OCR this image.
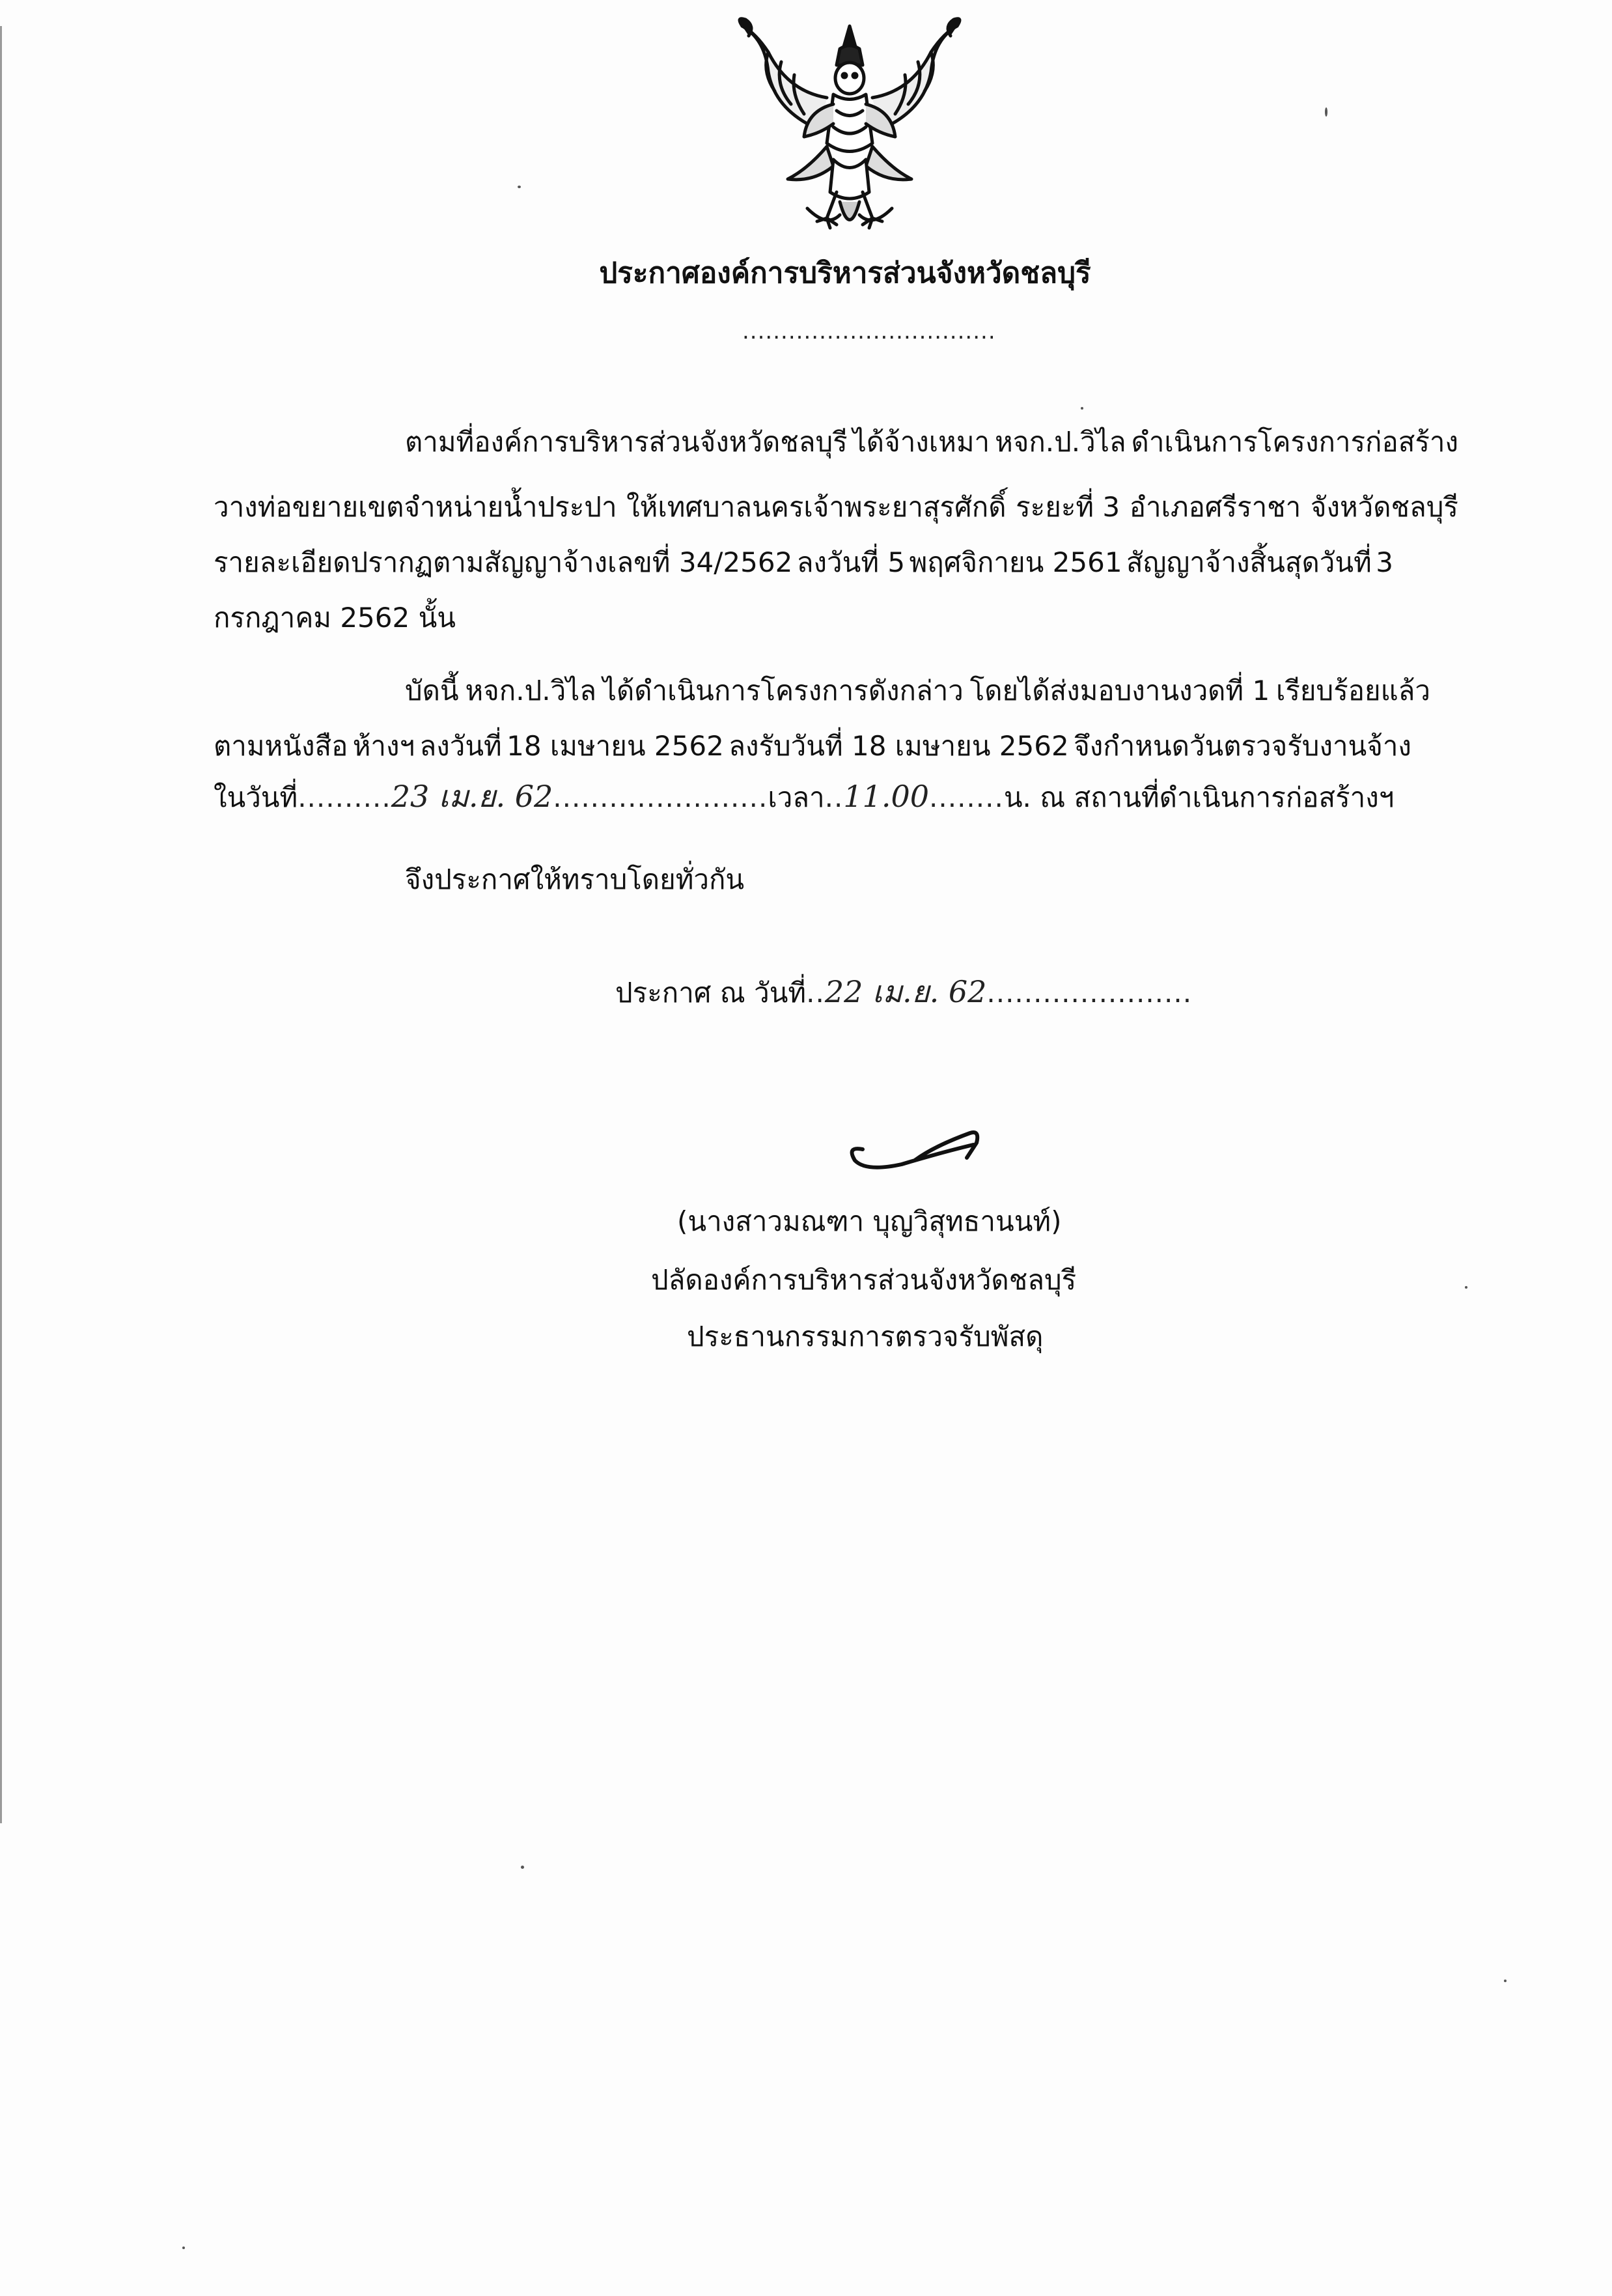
ประกาศองค์การบริหารส่วนจังหวัดชลบุรี
.................................
ตามที่องค์การบริหารส่วนจังหวัดชลบุรี ได้จ้างเหมา หจก.ป.วิไล ดำเนินการโครงการก่อสร้าง
วางท่อขยายเขตจำหน่ายน้ำประปา ให้เทศบาลนครเจ้าพระยาสุรศักดิ์ ระยะที่ 3 อำเภอศรีราชา จังหวัดชลบุรี
รายละเอียดปรากฏตามสัญญาจ้างเลขที่ 34/2562 ลงวันที่ 5 พฤศจิกายน 2561 สัญญาจ้างสิ้นสุดวันที่ 3
กรกฎาคม 2562 นั้น
บัดนี้ หจก.ป.วิไล ได้ดำเนินการโครงการดังกล่าว โดยได้ส่งมอบงานงวดที่ 1 เรียบร้อยแล้ว
ตามหนังสือ ห้างฯ ลงวันที่ 18 เมษายน 2562 ลงรับวันที่ 18 เมษายน 2562 จึงกำหนดวันตรวจรับงานจ้าง
ในวันที่..........23 เม.ย. 62.......................เวลา..11.00........น. ณ สถานที่ดำเนินการก่อสร้างฯ
จึงประกาศให้ทราบโดยทั่วกัน
ประกาศ ณ วันที่..22 เม.ย. 62......................
(นางสาวมณฑา บุญวิสุทธานนท์)
ปลัดองค์การบริหารส่วนจังหวัดชลบุรี
ประธานกรรมการตรวจรับพัสดุ
